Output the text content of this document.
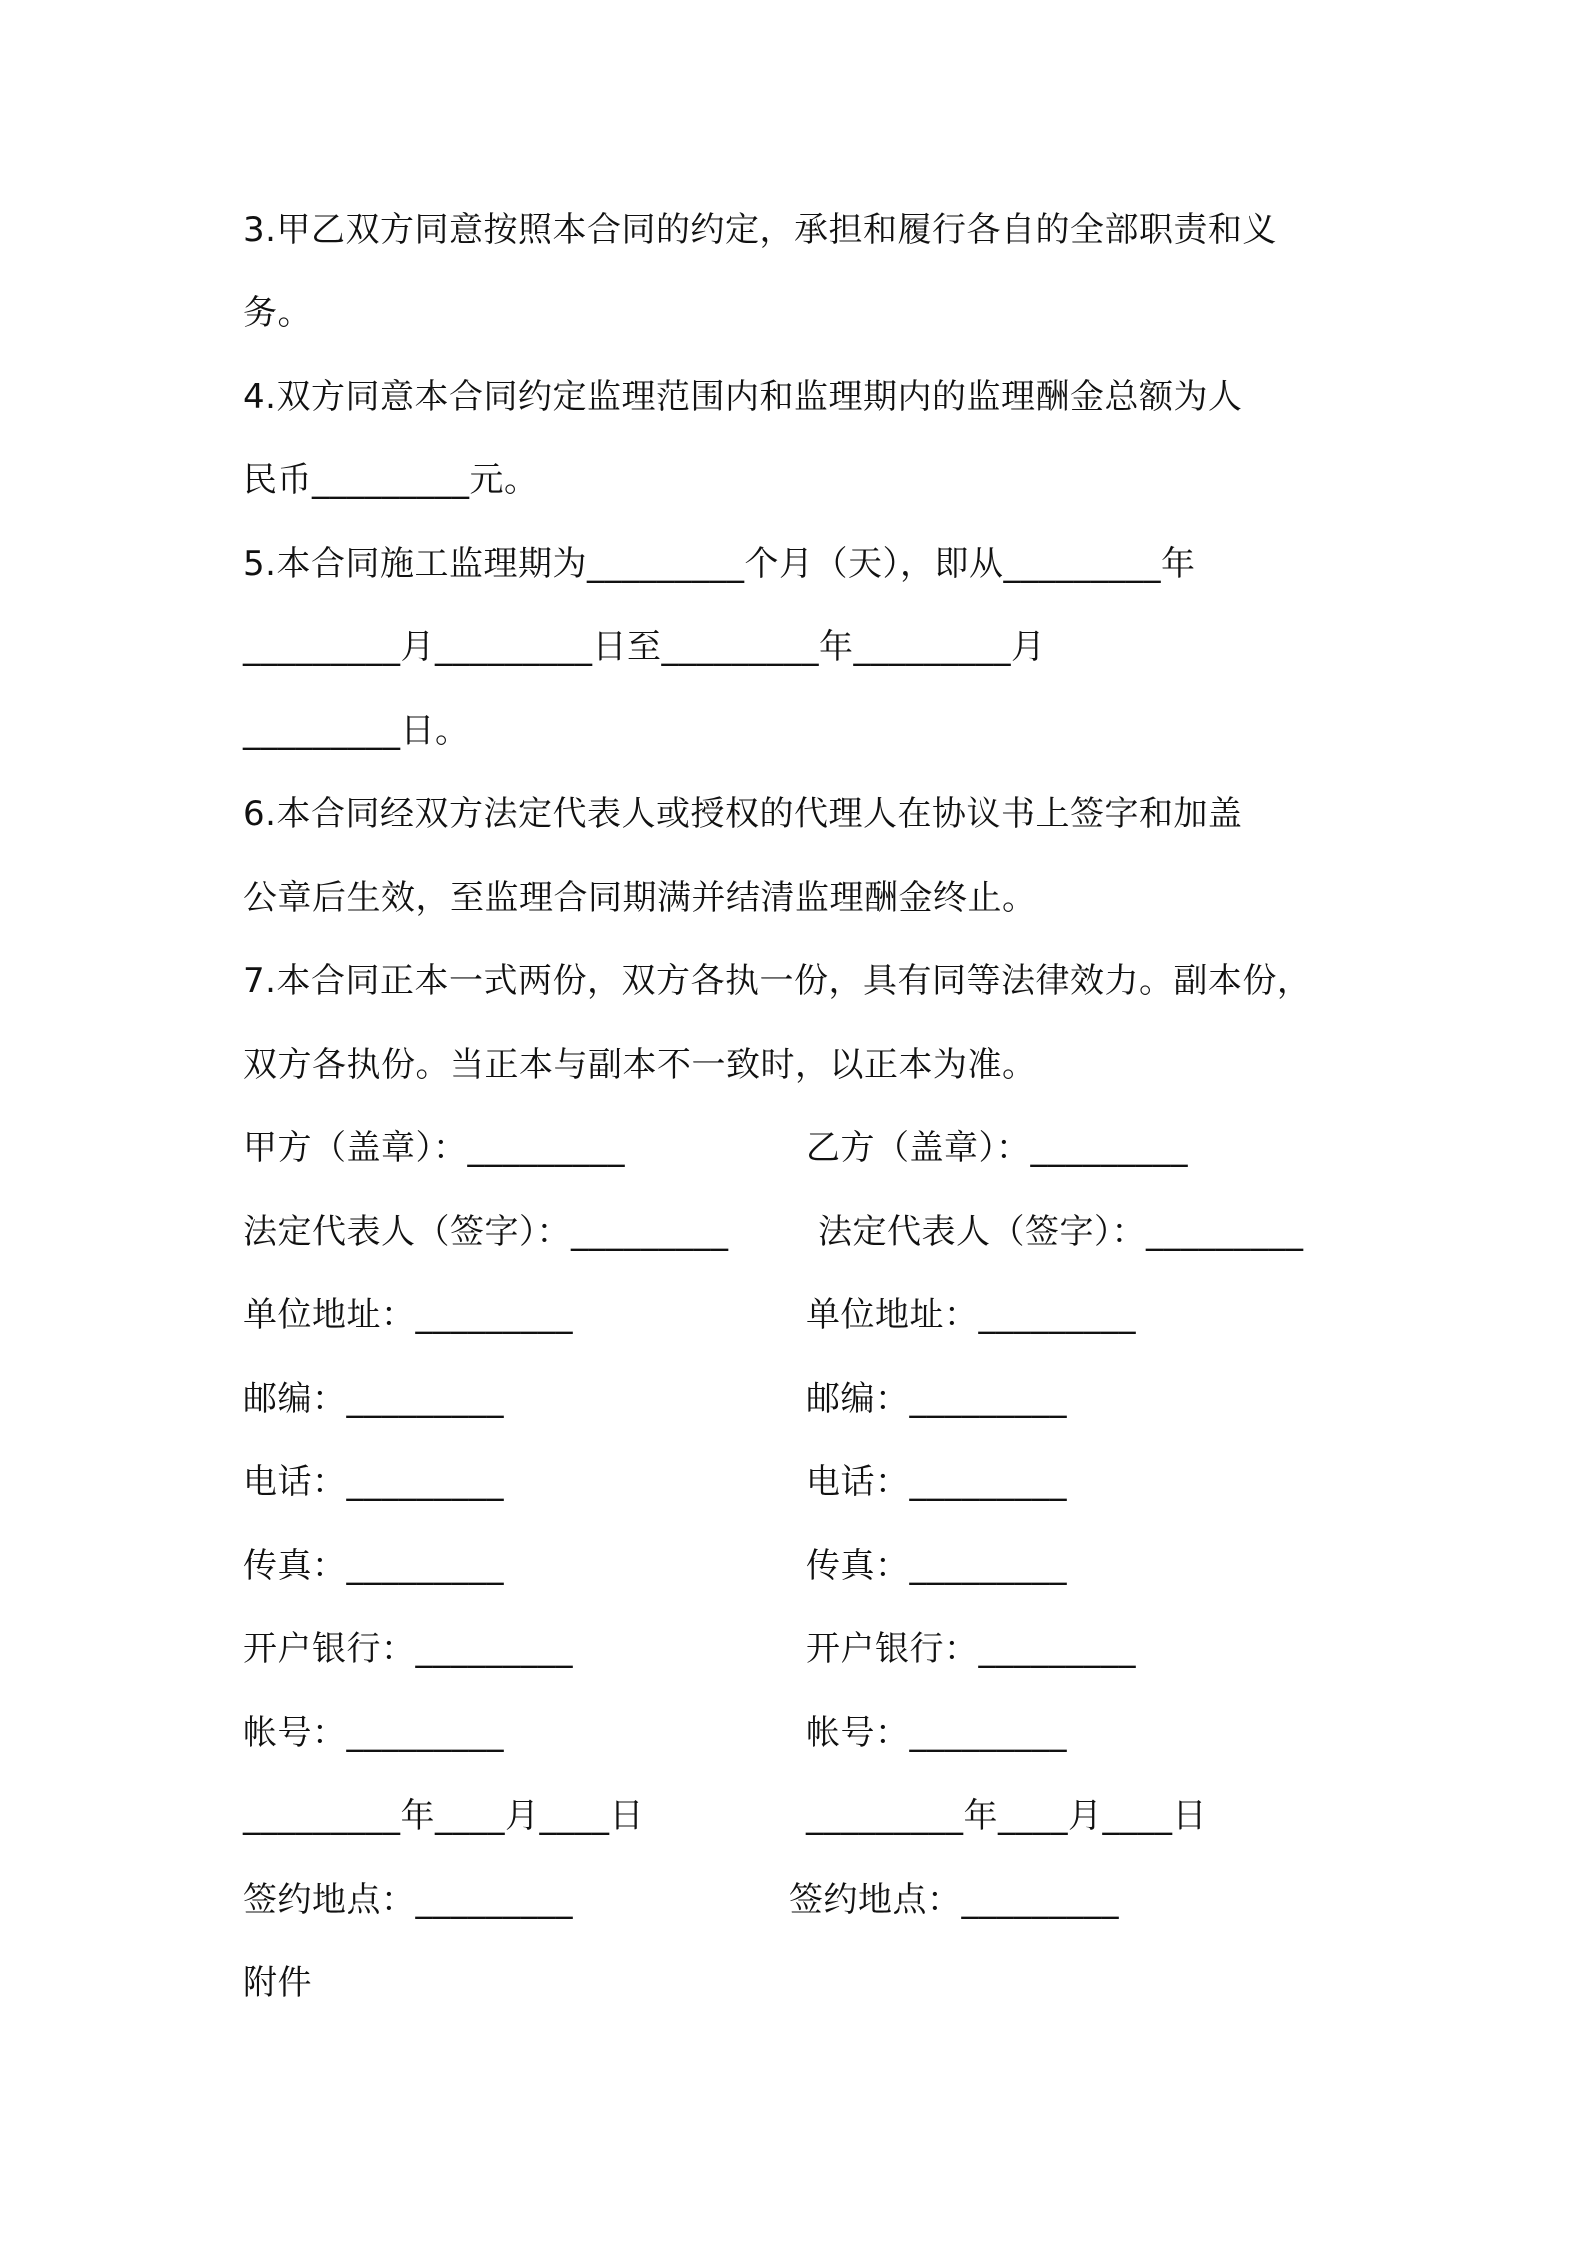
3.甲乙双方同意按照本合同的约定，承担和履行各自的全部职责和义
务。
4.双方同意本合同约定监理范围内和监理期内的监理酬金总额为人
民币_________元。
5.本合同施工监理期为_________个月（天），即从_________年
_________月_________日至_________年_________月
_________日。
6.本合同经双方法定代表人或授权的代理人在协议书上签字和加盖
公章后生效，至监理合同期满并结清监理酬金终止。
7.本合同正本一式两份，双方各执一份，具有同等法律效力。副本份，
双方各执份。当正本与副本不一致时，以正本为准。
甲方（盖章）：_________	乙方（盖章）：_________
法定代表人（签字）：_________	法定代表人（签字）：_________
单位地址：_________	单位地址：_________
邮编：_________	邮编：_________
电话：_________	电话：_________
传真：_________	传真：_________
开户银行：_________	开户银行：_________
帐号：_________	帐号：_________
_________年____月____日	_________年____月____日
签约地点：_________	签约地点：_________
附件
